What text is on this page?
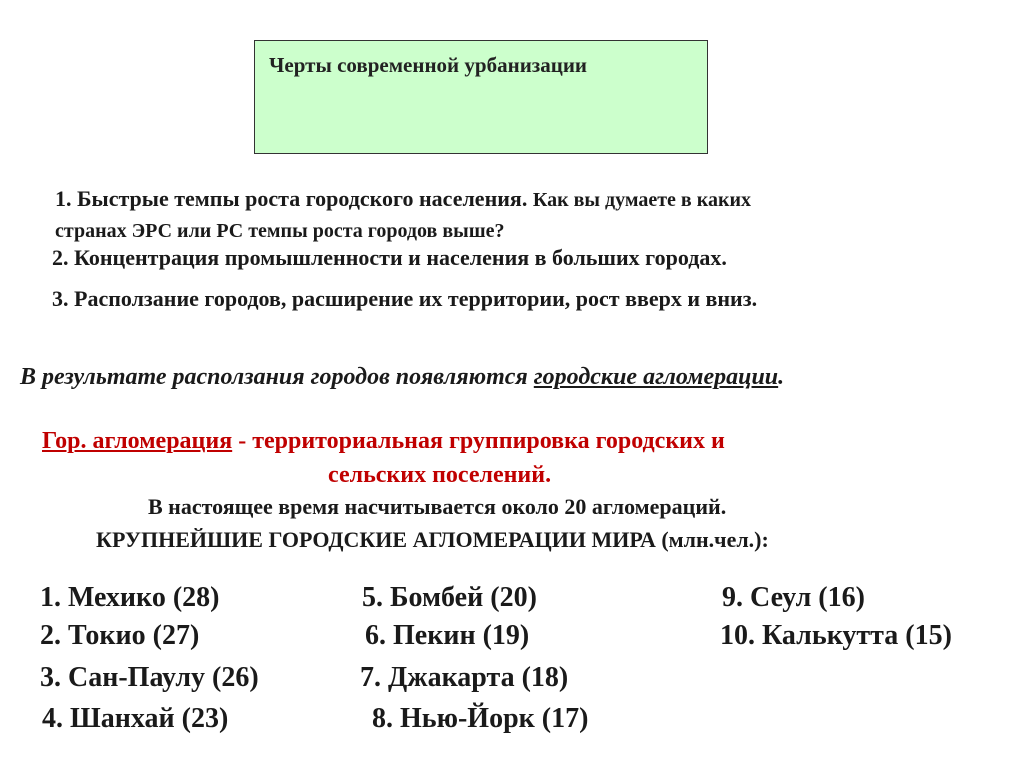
Черты современной урбанизации
1. Быстрые темпы роста городского населения. Как вы думаете в каких
странах ЭРС или РС темпы роста городов выше?
2. Концентрация промышленности и населения в больших городах.
3. Расползание городов, расширение их территории, рост вверх и вниз.
В результате расползания городов появляются городские агломерации.
Гор. агломерация - территориальная группировка городских и
сельских поселений.
В настоящее время насчитывается около 20 агломераций.
КРУПНЕЙШИЕ ГОРОДСКИЕ АГЛОМЕРАЦИИ МИРА (млн.чел.):
1. Мехико (28)
2. Токио (27)
3. Сан-Паулу (26)
4. Шанхай (23)
5. Бомбей (20)
6. Пекин (19)
7. Джакарта (18)
8. Нью-Йорк (17)
9. Сеул (16)
10. Калькутта (15)
